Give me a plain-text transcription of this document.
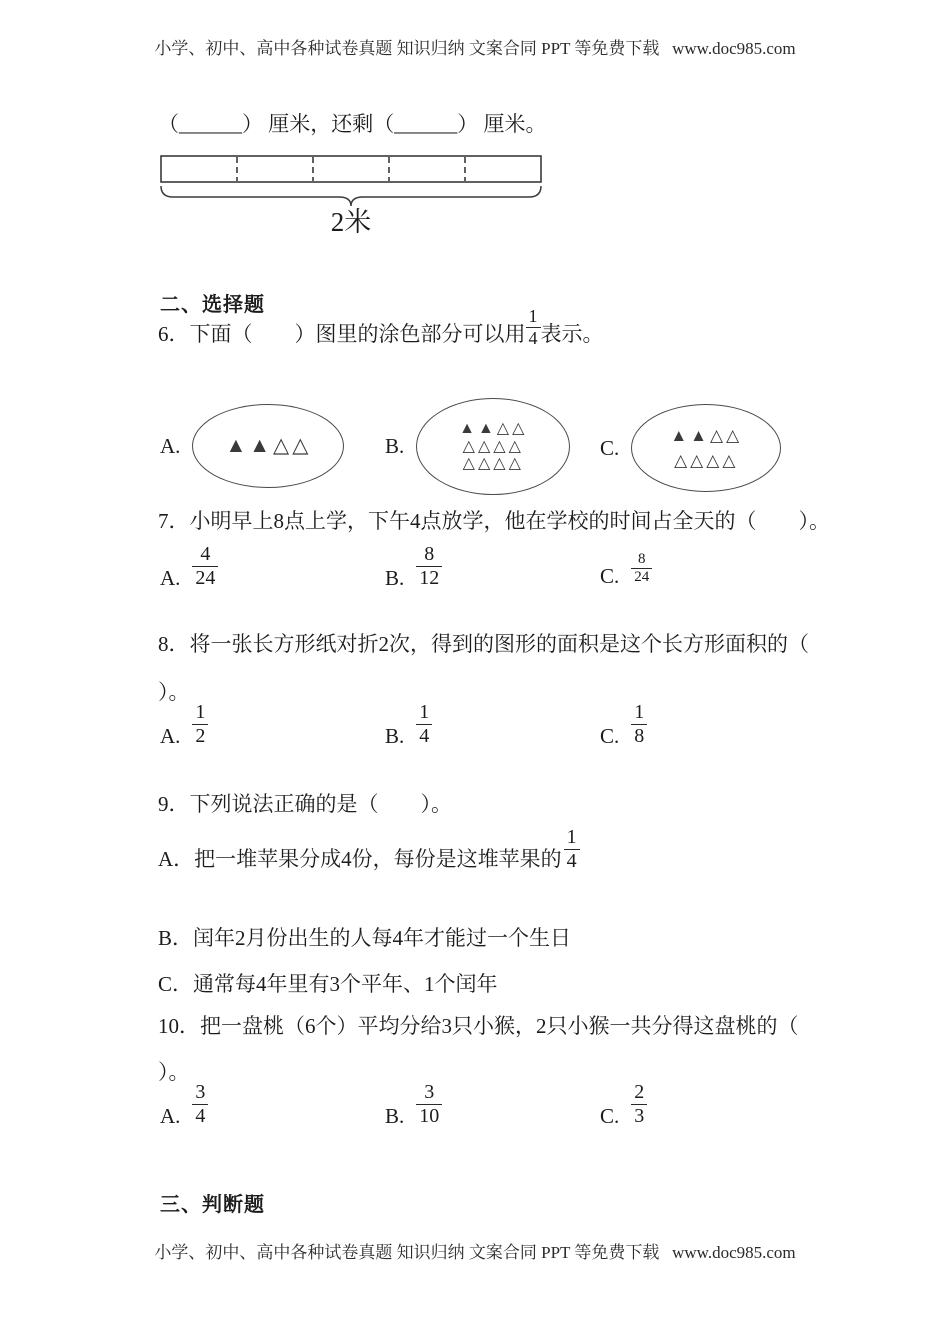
小学、初中、高中各种试卷真题 知识归纳 文案合同 PPT 等免费下载   www.doc985.com
（______） 厘米，还剩（______） 厘米。
2米
二、选择题
6．下面（　　）图里的涂色部分可以用 $\frac{1}{4}$ 表示。
A. ▲▲△△	B.
▲▲△△
△△△△
△△△△
C.	▲▲△△
△△△△
7．小明早上8点上学，下午4点放学，他在学校的时间占全天的（　　）。
A. $\frac{4}{24}$	B. $\frac{8}{12}$	C. $\frac{8}{24}$
8．将一张长方形纸对折2次，得到的图形的面积是这个长方形面积的（
）。
A. $\frac{1}{2}$	B. $\frac{1}{4}$	C. $\frac{1}{8}$
9．下列说法正确的是（　　）。
A．把一堆苹果分成4份，每份是这堆苹果的 $\frac{1}{4}$
B．闰年2月份出生的人每4年才能过一个生日
C．通常每4年里有3个平年、1个闰年
10．把一盘桃（6个）平均分给3只小猴，2只小猴一共分得这盘桃的（
）。
A. $\frac{3}{4}$	B. $\frac{3}{10}$	C. $\frac{2}{3}$
三、判断题
小学、初中、高中各种试卷真题 知识归纳 文案合同 PPT 等免费下载   www.doc985.com
